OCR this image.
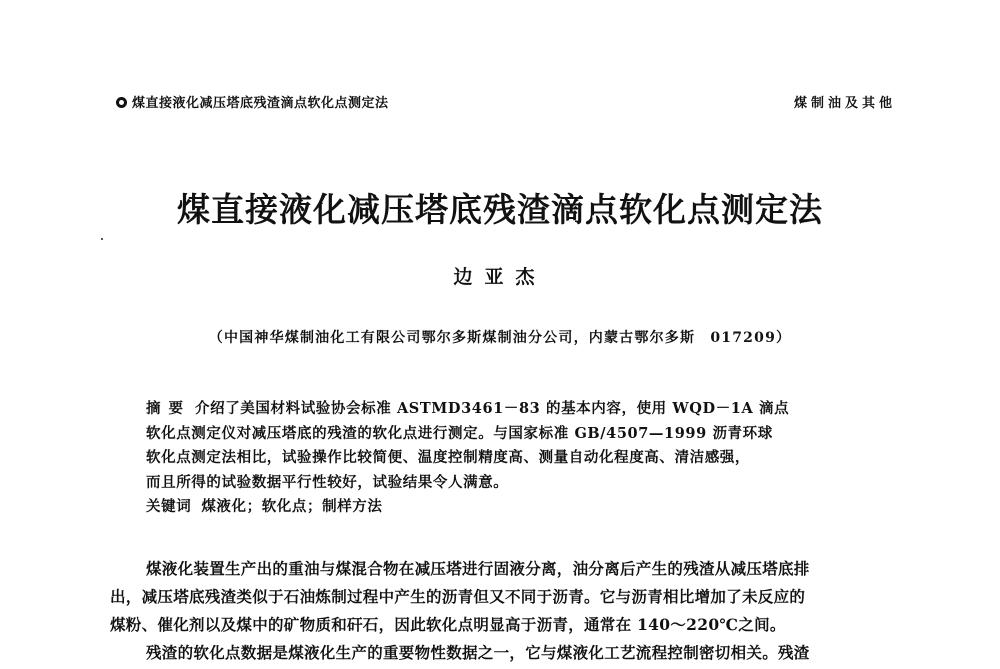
煤直接液化减压塔底残渣滴点软化点测定法	煤制油及其他
煤直接液化减压塔底残渣滴点软化点测定法
边亚杰
（中国神华煤制油化工有限公司鄂尔多斯煤制油分公司，内蒙古鄂尔多斯　017209）
摘要 介绍了美国材料试验协会标准 ASTMD3461－83 的基本内容，使用 WQD－1A 滴点
软化点测定仪对减压塔底的残渣的软化点进行测定。与国家标准 GB/4507—1999 沥青环球
软化点测定法相比，试验操作比较简便、温度控制精度高、测量自动化程度高、清洁感强，
而且所得的试验数据平行性较好，试验结果令人满意。
关键词 煤液化；软化点；制样方法
煤液化装置生产出的重油与煤混合物在减压塔进行固液分离，油分离后产生的残渣从减压塔底排
出，减压塔底残渣类似于石油炼制过程中产生的沥青但又不同于沥青。它与沥青相比增加了未反应的
煤粉、催化剂以及煤中的矿物质和矸石，因此软化点明显高于沥青，通常在 140～220℃之间。
残渣的软化点数据是煤液化生产的重要物性数据之一，它与煤液化工艺流程控制密切相关。残渣
